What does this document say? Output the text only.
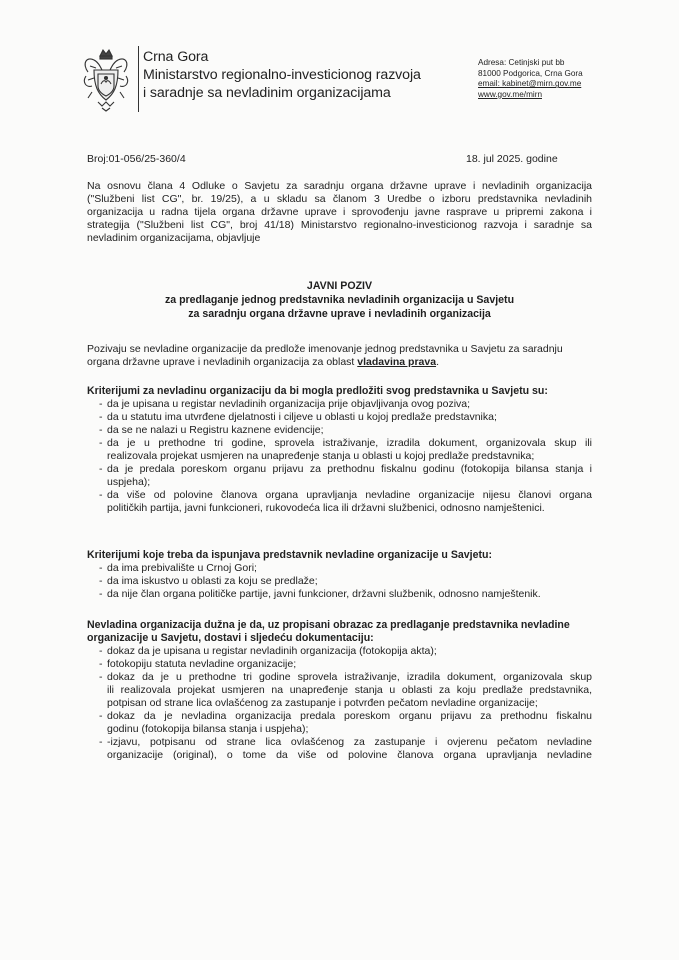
Crna Gora
Ministarstvo regionalno-investicionog razvoja
i saradnje sa nevladinim organizacijama
Adresa: Cetinjski put bb
81000 Podgorica, Crna Gora
email: kabinet@mirn.gov.me
www.gov.me/mirn
Broj:01-056/25-360/4	18. jul 2025. godine
Na osnovu člana 4 Odluke o Savjetu za saradnju organa državne uprave i nevladinih organizacija
("Službeni list CG", br. 19/25), a u skladu sa članom 3 Uredbe o izboru predstavnika nevladinih
organizacija u radna tijela organa državne uprave i sprovođenju javne rasprave u pripremi zakona i
strategija ("Službeni list CG", broj 41/18) Ministarstvo regionalno-investicionog razvoja i saradnje sa
nevladinim organizacijama, objavljuje
JAVNI POZIV
za predlaganje jednog predstavnika nevladinih organizacija u Savjetu
za saradnju organa državne uprave i nevladinih organizacija
Pozivaju se nevladine organizacije da predlože imenovanje jednog predstavnika u Savjetu za saradnju
organa državne uprave i nevladinih organizacija za oblast vladavina prava.
Kriterijumi za nevladinu organizaciju da bi mogla predložiti svog predstavnika u Savjetu su:
- da je upisana u registar nevladinih organizacija prije objavljivanja ovog poziva;
- da u statutu ima utvrđene djelatnosti i ciljeve u oblasti u kojoj predlaže predstavnika;
- da se ne nalazi u Registru kaznene evidencije;
- da je u prethodne tri godine, sprovela istraživanje, izradila dokument, organizovala skup ili
realizovala projekat usmjeren na unapređenje stanja u oblasti u kojoj predlaže predstavnika;
- da je predala poreskom organu prijavu za prethodnu fiskalnu godinu (fotokopija bilansa stanja i
uspjeha);
- da više od polovine članova organa upravljanja nevladine organizacije nijesu članovi organa
političkih partija, javni funkcioneri, rukovodeća lica ili državni službenici, odnosno namještenici.
Kriterijumi koje treba da ispunjava predstavnik nevladine organizacije u Savjetu:
- da ima prebivalište u Crnoj Gori;
- da ima iskustvo u oblasti za koju se predlaže;
- da nije član organa političke partije, javni funkcioner, državni službenik, odnosno namještenik.
Nevladina organizacija dužna je da, uz propisani obrazac za predlaganje predstavnika nevladine
organizacije u Savjetu, dostavi i sljedeću dokumentaciju:
- dokaz da je upisana u registar nevladinih organizacija (fotokopija akta);
- fotokopiju statuta nevladine organizacije;
- dokaz da je u prethodne tri godine sprovela istraživanje, izradila dokument, organizovala skup
ili realizovala projekat usmjeren na unapređenje stanja u oblasti za koju predlaže predstavnika,
potpisan od strane lica ovlašćenog za zastupanje i potvrđen pečatom nevladine organizacije;
- dokaz da je nevladina organizacija predala poreskom organu prijavu za prethodnu fiskalnu
godinu (fotokopija bilansa stanja i uspjeha);
- -izjavu, potpisanu od strane lica ovlašćenog za zastupanje i ovjerenu pečatom nevladine
organizacije (original), o tome da više od polovine članova organa upravljanja nevladine
